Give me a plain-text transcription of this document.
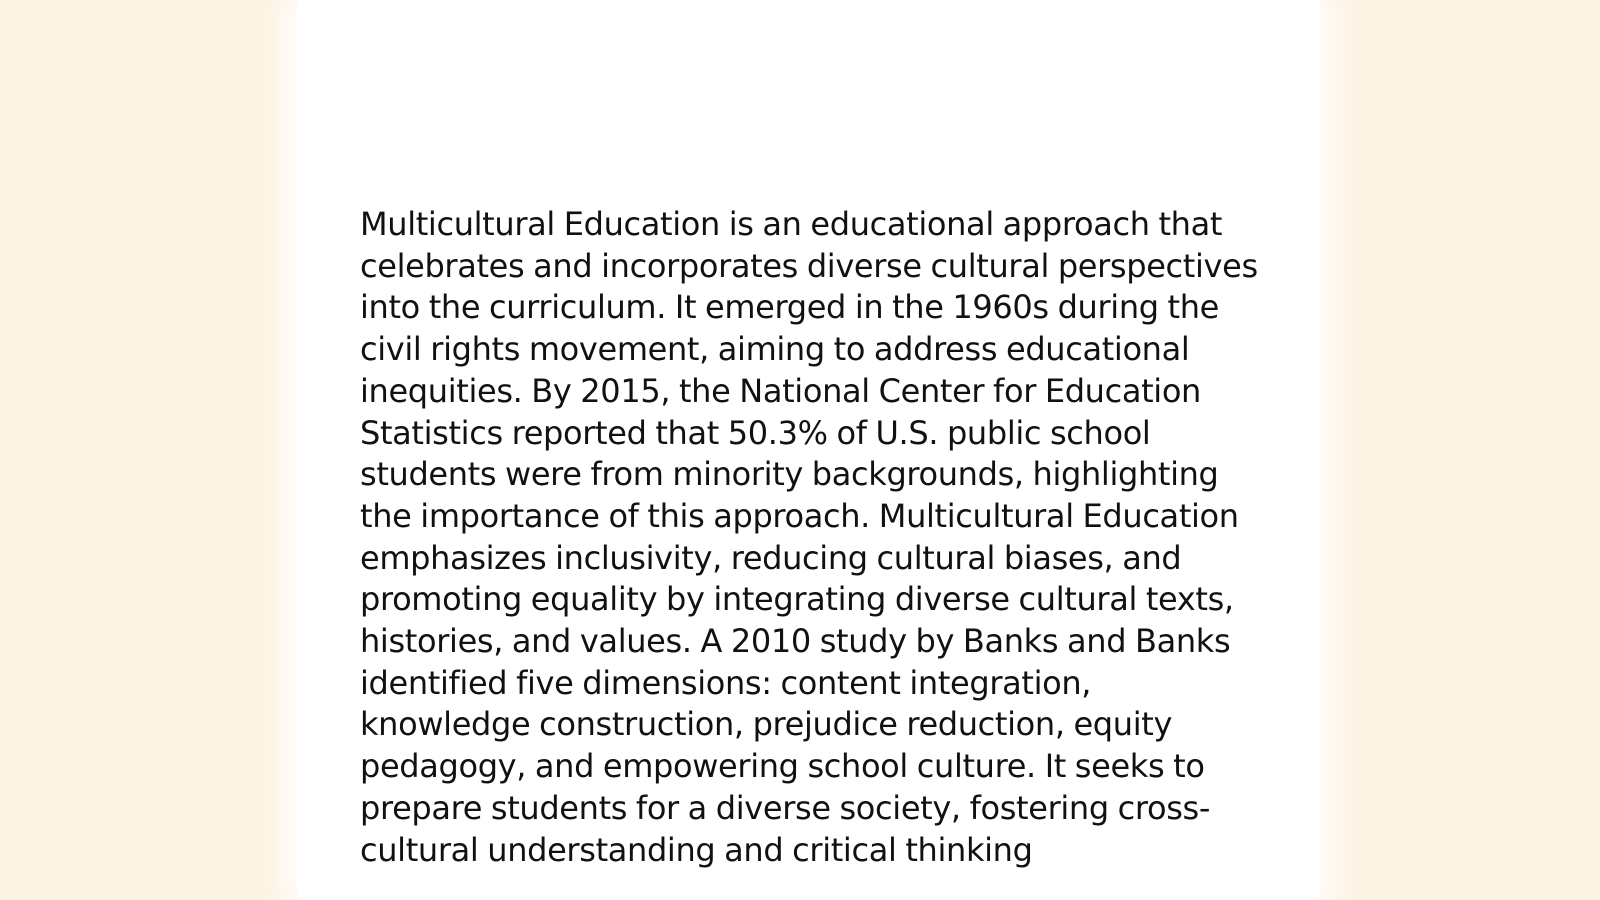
Multicultural Education is an educational approach that celebrates and incorporates diverse cultural perspectives into the curriculum. It emerged in the 1960s during the civil rights movement, aiming to address educational inequities. By 2015, the National Center for Education Statistics reported that 50.3% of U.S. public school students were from minority backgrounds, highlighting the importance of this approach. Multicultural Education emphasizes inclusivity, reducing cultural biases, and promoting equality by integrating diverse cultural texts, histories, and values. A 2010 study by Banks and Banks identified five dimensions: content integration, knowledge construction, prejudice reduction, equity pedagogy, and empowering school culture. It seeks to prepare students for a diverse society, fostering cross-cultural understanding and critical thinking
